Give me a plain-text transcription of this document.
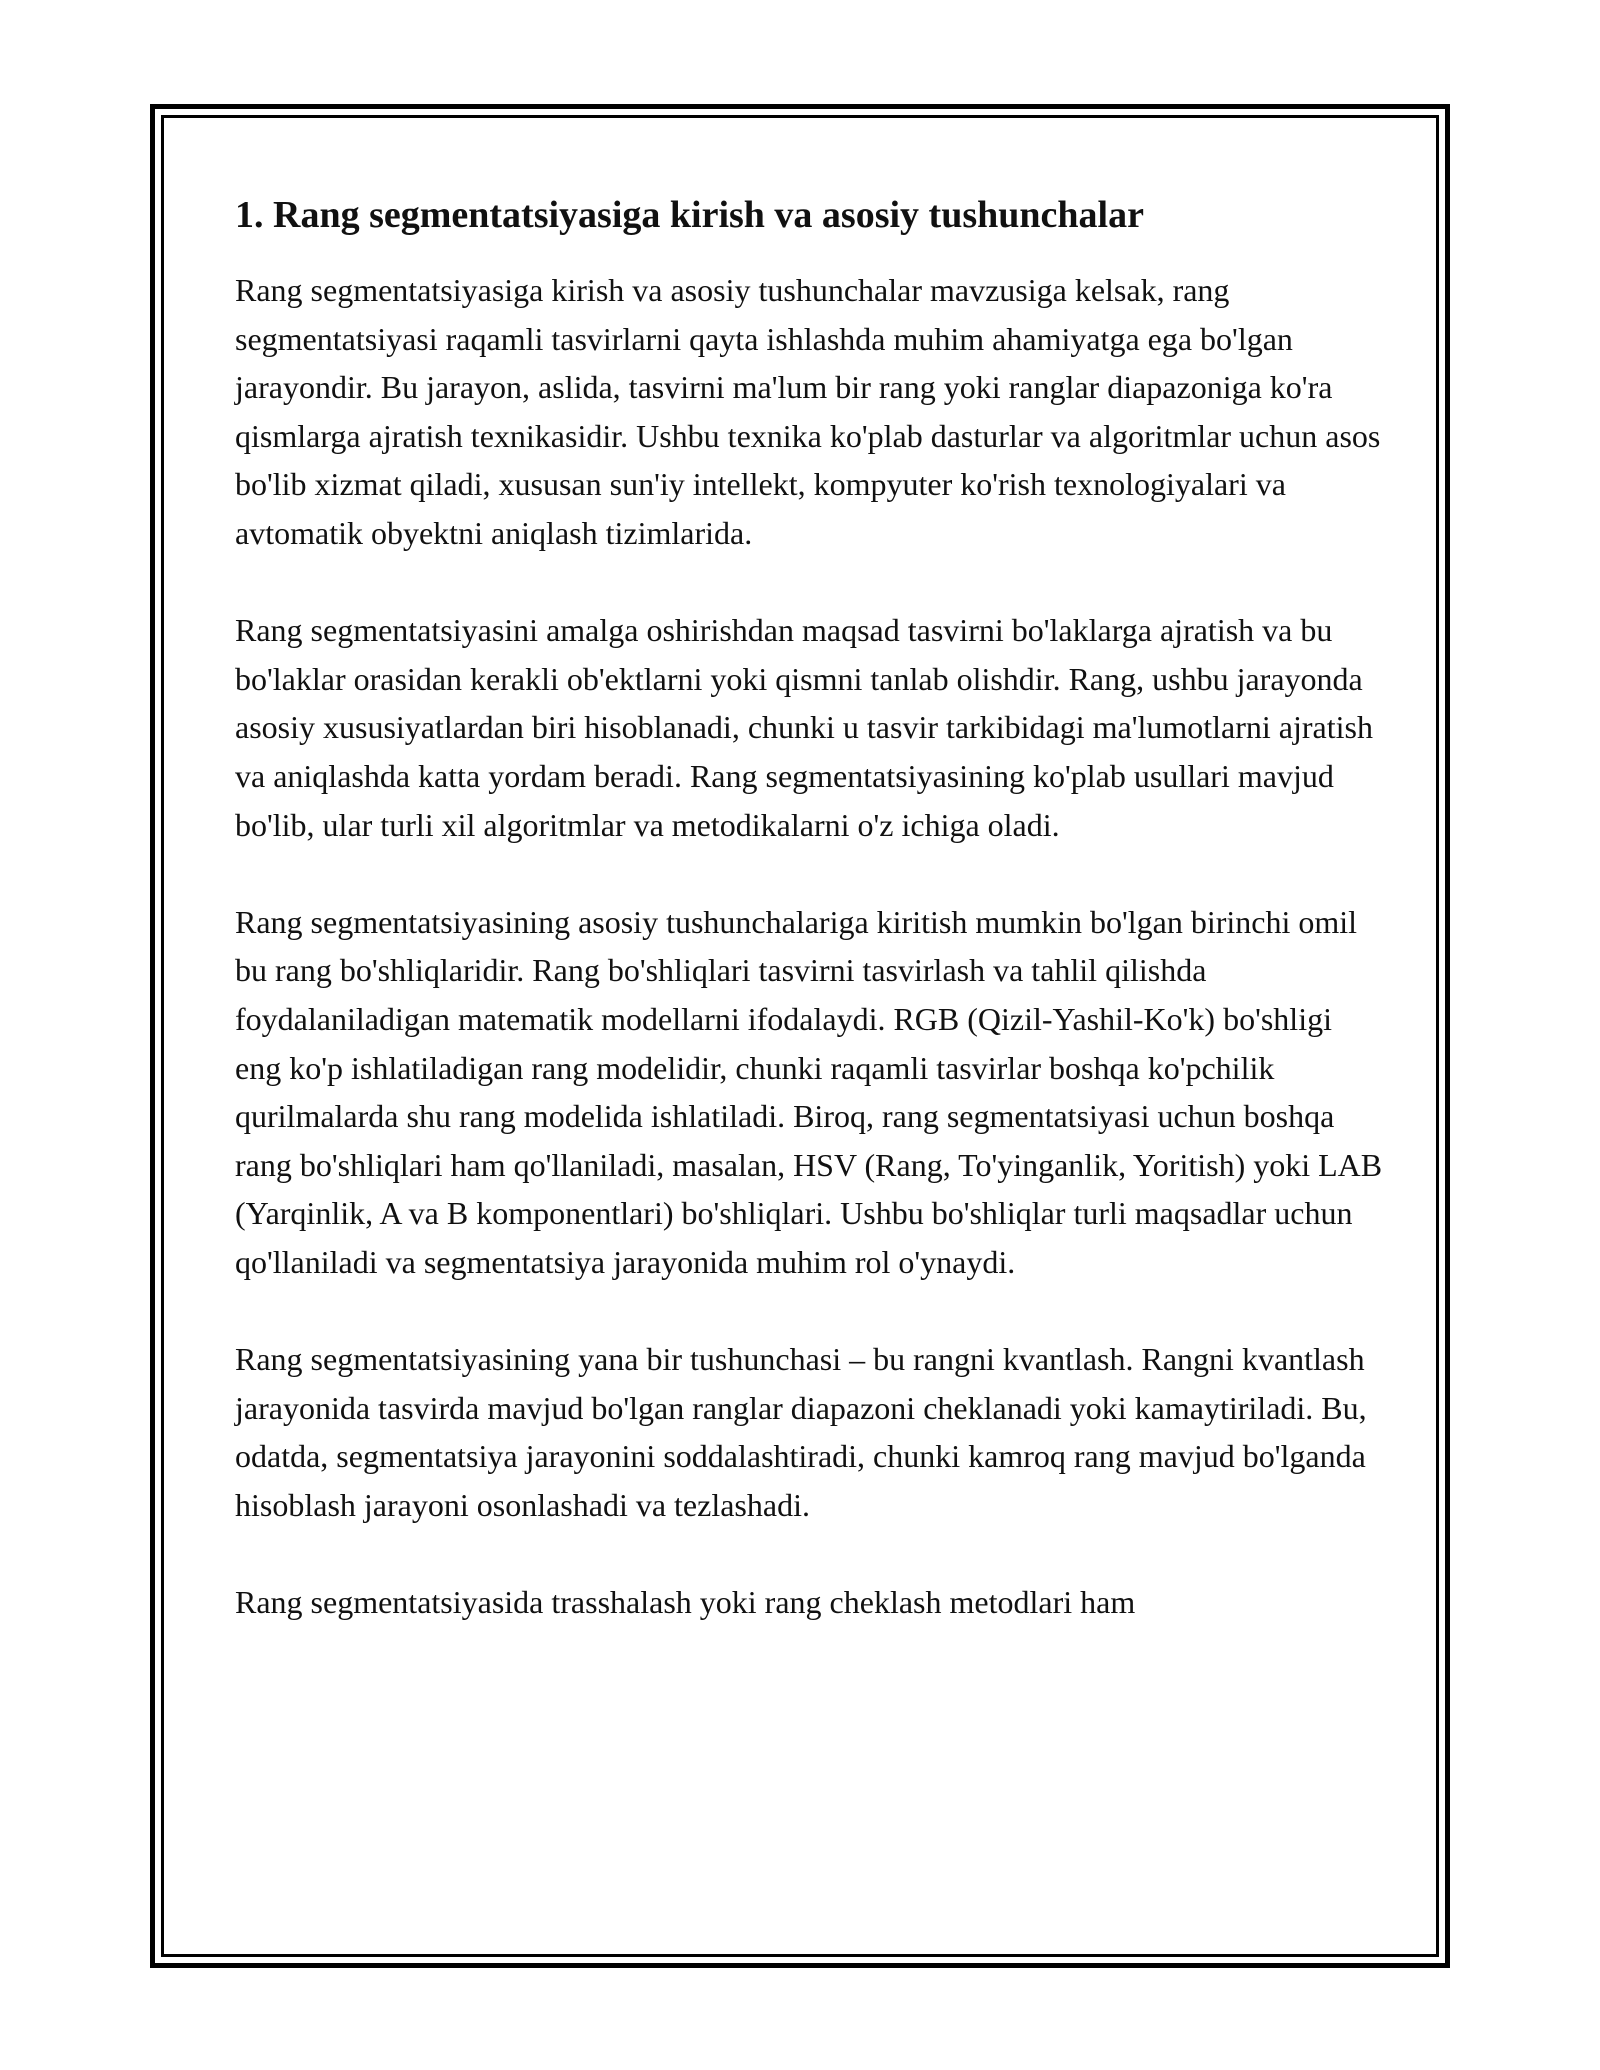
1. Rang segmentatsiyasiga kirish va asosiy tushunchalar

Rang segmentatsiyasiga kirish va asosiy tushunchalar mavzusiga kelsak, rang segmentatsiyasi raqamli tasvirlarni qayta ishlashda muhim ahamiyatga ega bo'lgan jarayondir. Bu jarayon, aslida, tasvirni ma'lum bir rang yoki ranglar diapazoniga ko'ra qismlarga ajratish texnikasidir. Ushbu texnika ko'plab dasturlar va algoritmlar uchun asos bo'lib xizmat qiladi, xususan sun'iy intellekt, kompyuter ko'rish texnologiyalari va avtomatik obyektni aniqlash tizimlarida.

Rang segmentatsiyasini amalga oshirishdan maqsad tasvirni bo'laklarga ajratish va bu bo'laklar orasidan kerakli ob'ektlarni yoki qismni tanlab olishdir. Rang, ushbu jarayonda asosiy xususiyatlardan biri hisoblanadi, chunki u tasvir tarkibidagi ma'lumotlarni ajratish va aniqlashda katta yordam beradi. Rang segmentatsiyasining ko'plab usullari mavjud bo'lib, ular turli xil algoritmlar va metodikalarni o'z ichiga oladi.

Rang segmentatsiyasining asosiy tushunchalariga kiritish mumkin bo'lgan birinchi omil bu rang bo'shliqlaridir. Rang bo'shliqlari tasvirni tasvirlash va tahlil qilishda foydalaniladigan matematik modellarni ifodalaydi. RGB (Qizil-Yashil-Ko'k) bo'shligi eng ko'p ishlatiladigan rang modelidir, chunki raqamli tasvirlar boshqa ko'pchilik qurilmalarda shu rang modelida ishlatiladi. Biroq, rang segmentatsiyasi uchun boshqa rang bo'shliqlari ham qo'llaniladi, masalan, HSV (Rang, To'yinganlik, Yoritish) yoki LAB (Yarqinlik, A va B komponentlari) bo'shliqlari. Ushbu bo'shliqlar turli maqsadlar uchun qo'llaniladi va segmentatsiya jarayonida muhim rol o'ynaydi.

Rang segmentatsiyasining yana bir tushunchasi – bu rangni kvantlash. Rangni kvantlash jarayonida tasvirda mavjud bo'lgan ranglar diapazoni cheklanadi yoki kamaytiriladi. Bu, odatda, segmentatsiya jarayonini soddalashtiradi, chunki kamroq rang mavjud bo'lganda hisoblash jarayoni osonlashadi va tezlashadi.

Rang segmentatsiyasida trasshalash yoki rang cheklash metodlari ham
